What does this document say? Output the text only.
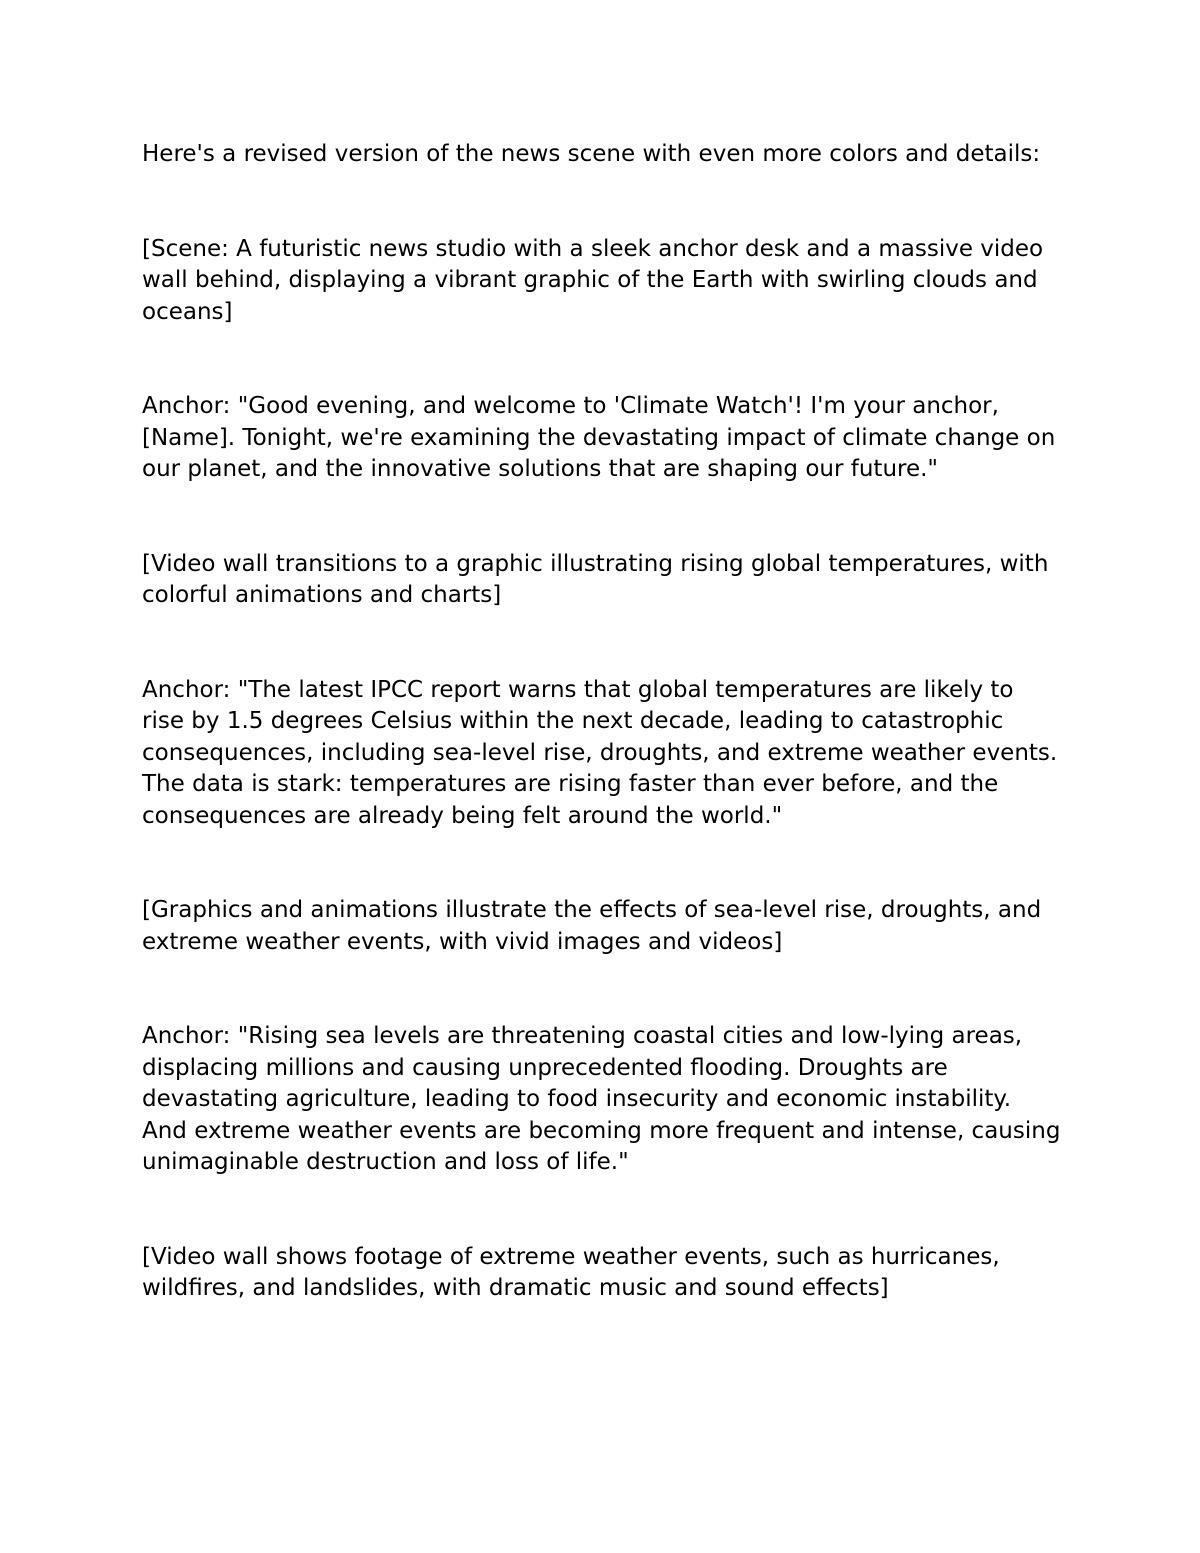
Here's a revised version of the news scene with even more colors and details:

[Scene: A futuristic news studio with a sleek anchor desk and a massive video wall behind, displaying a vibrant graphic of the Earth with swirling clouds and oceans]

Anchor: "Good evening, and welcome to 'Climate Watch'! I'm your anchor, [Name]. Tonight, we're examining the devastating impact of climate change on our planet, and the innovative solutions that are shaping our future."

[Video wall transitions to a graphic illustrating rising global temperatures, with colorful animations and charts]

Anchor: "The latest IPCC report warns that global temperatures are likely to rise by 1.5 degrees Celsius within the next decade, leading to catastrophic consequences, including sea-level rise, droughts, and extreme weather events. The data is stark: temperatures are rising faster than ever before, and the consequences are already being felt around the world."

[Graphics and animations illustrate the effects of sea-level rise, droughts, and extreme weather events, with vivid images and videos]

Anchor: "Rising sea levels are threatening coastal cities and low-lying areas, displacing millions and causing unprecedented flooding. Droughts are devastating agriculture, leading to food insecurity and economic instability. And extreme weather events are becoming more frequent and intense, causing unimaginable destruction and loss of life."

[Video wall shows footage of extreme weather events, such as hurricanes, wildfires, and landslides, with dramatic music and sound effects]
